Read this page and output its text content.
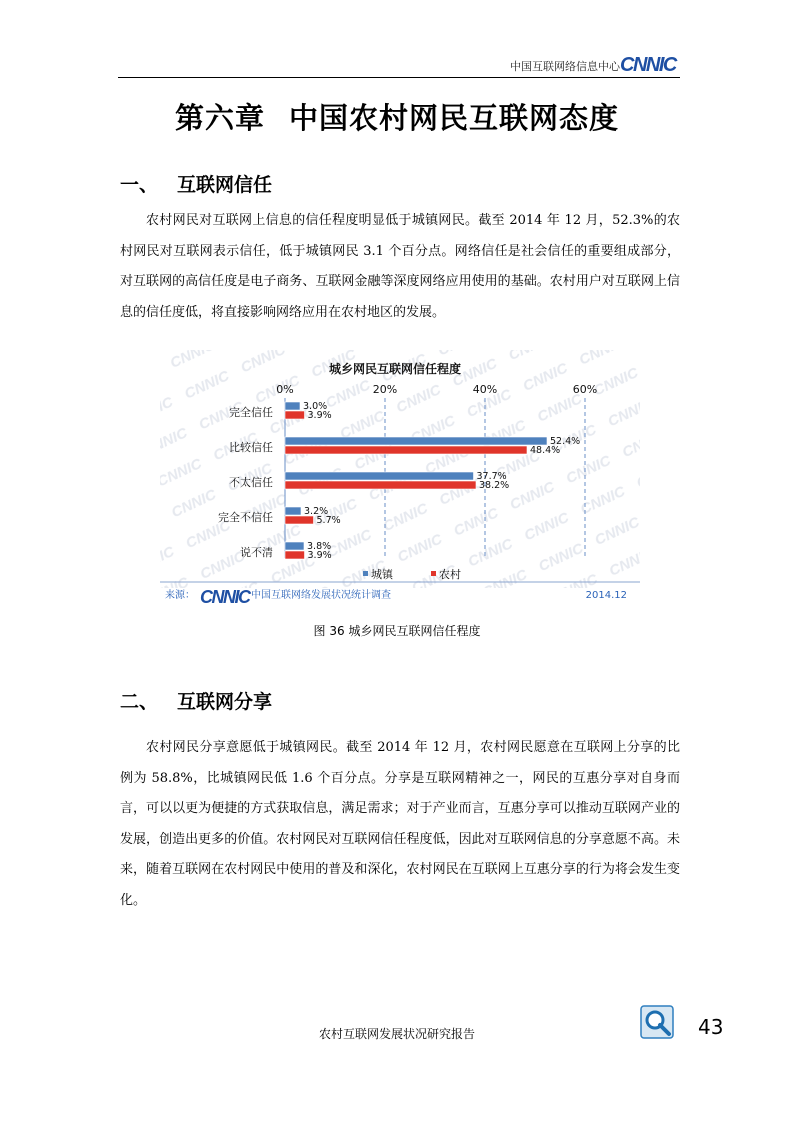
中国互联网络信息中心 CNNIC
第六章 中国农村网民互联网态度
一、 互联网信任

农村网民对互联网上信息的信任程度明显低于城镇网民。截至 2014 年 12 月，52.3%的农村网民对互联网表示信任，低于城镇网民 3.1 个百分点。网络信任是社会信任的重要组成部分，对互联网的高信任度是电子商务、互联网金融等深度网络应用使用的基础。农村用户对互联网上信息的信任度低，将直接影响网络应用在农村地区的发展。

城乡网民互联网信任程度
0%	20%	40%	60%
完全信任	3.0%
3.9%
比较信任	52.4%
48.4%
不太信任	37.7%
38.2%
完全不信任	3.2%
5.7%
说不清	3.8%
3.9%
城镇	农村
来源： CNNIC 中国互联网络发展状况统计调查	2014.12
图 36 城乡网民互联网信任程度
二、 互联网分享

农村网民分享意愿低于城镇网民。截至 2014 年 12 月，农村网民愿意在互联网上分享的比例为 58.8%，比城镇网民低 1.6 个百分点。分享是互联网精神之一，网民的互惠分享对自身而言，可以以更为便捷的方式获取信息，满足需求；对于产业而言，互惠分享可以推动互联网产业的发展，创造出更多的价值。农村网民对互联网信任程度低，因此对互联网信息的分享意愿不高。未来，随着互联网在农村网民中使用的普及和深化，农村网民在互联网上互惠分享的行为将会发生变化。

农村互联网发展状况研究报告	43
